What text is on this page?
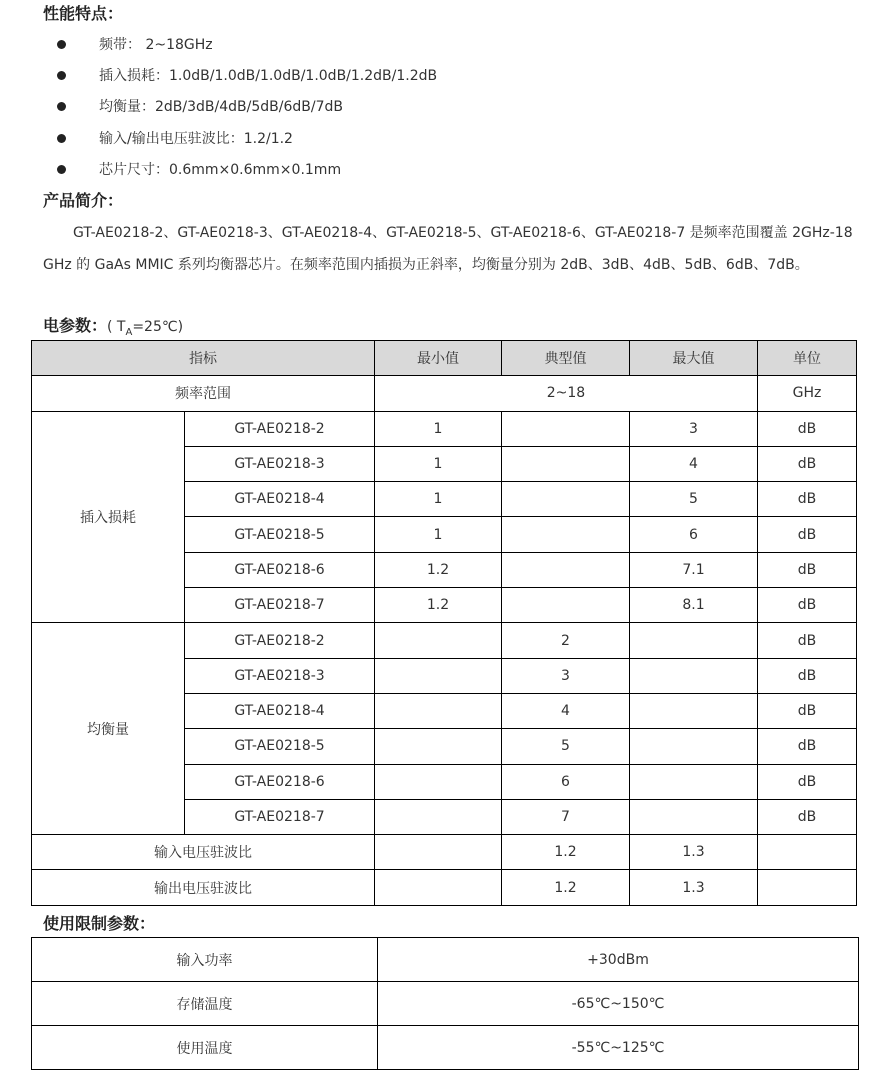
性能特点：
频带： 2~18GHz
插入损耗：1.0dB/1.0dB/1.0dB/1.0dB/1.2dB/1.2dB
均衡量：2dB/3dB/4dB/5dB/6dB/7dB
输入/输出电压驻波比：1.2/1.2
芯片尺寸：0.6mm×0.6mm×0.1mm
产品简介：

GT-AE0218-2、GT-AE0218-3、GT-AE0218-4、GT-AE0218-5、GT-AE0218-6、GT-AE0218-7 是频率范围覆盖 2GHz-18GHz 的 GaAs MMIC 系列均衡器芯片。在频率范围内插损为正斜率，均衡量分别为 2dB、3dB、4dB、5dB、6dB、7dB。

电参数：( $T_A=25℃$)
指标		最小值	典型值	最大值	单位
频率范围		2~18			GHz
插入损耗	GT-AE0218-2	1		3	dB
	GT-AE0218-3	1		4	dB
	GT-AE0218-4	1		5	dB
	GT-AE0218-5	1		6	dB
	GT-AE0218-6	1.2		7.1	dB
	GT-AE0218-7	1.2		8.1	dB
均衡量	GT-AE0218-2		2		dB
	GT-AE0218-3		3		dB
	GT-AE0218-4		4		dB
	GT-AE0218-5		5		dB
	GT-AE0218-6		6		dB
	GT-AE0218-7		7		dB
输入电压驻波比			1.2	1.3	
输出电压驻波比			1.2	1.3	
使用限制参数：
输入功率	+30dBm
存储温度	-65℃~150℃
使用温度	-55℃~125℃
